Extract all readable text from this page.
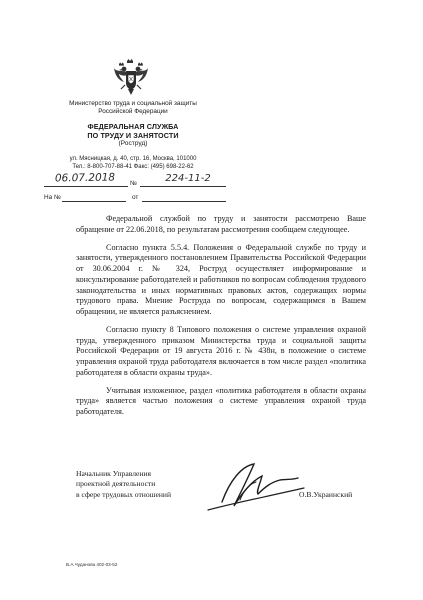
Министерство труда и социальной защиты
Российской Федерации
ФЕДЕРАЛЬНАЯ СЛУЖБА
ПО ТРУДУ И ЗАНЯТОСТИ
(Роструд)
ул. Мясницкая, д. 40, стр. 16, Москва, 101000
Тел.: 8-800-707-88-41 Факс: (495) 698-22-62
06.07.2018	№	224-11-2
На №	от

Федеральной службой по труду и занятости рассмотрено Ваше обращение от 22.06.2018, по результатам рассмотрения сообщаем следующее.

Согласно пункта 5.5.4. Положения о Федеральной службе по труду и занятости, утвержденного постановлением Правительства Российской Федерации от 30.06.2004 г. № 324, Роструд осуществляет информирование и консультирование работодателей и работников по вопросам соблюдения трудового законодательства и иных нормативных правовых актов, содержащих нормы трудового права. Мнение Роструда по вопросам, содержащимся в Вашем обращении, не является разъяснением.

Согласно пункту 8 Типового положения о системе управления охраной труда, утвержденного приказом Министерства труда и социальной защиты Российской Федерации от 19 августа 2016 г. № 438н, в положение о системе управления охраной труда работодателя включается в том числе раздел «политика работодателя в области охраны труда».

Учитывая изложенное, раздел «политика работодателя в области охраны труда» является частью положения о системе управления охраной труда работодателя.

Начальник Управления
проектной деятельности
в сфере трудовых отношений	О.В.Украинский
В.А.Чуданова 402-03-52
